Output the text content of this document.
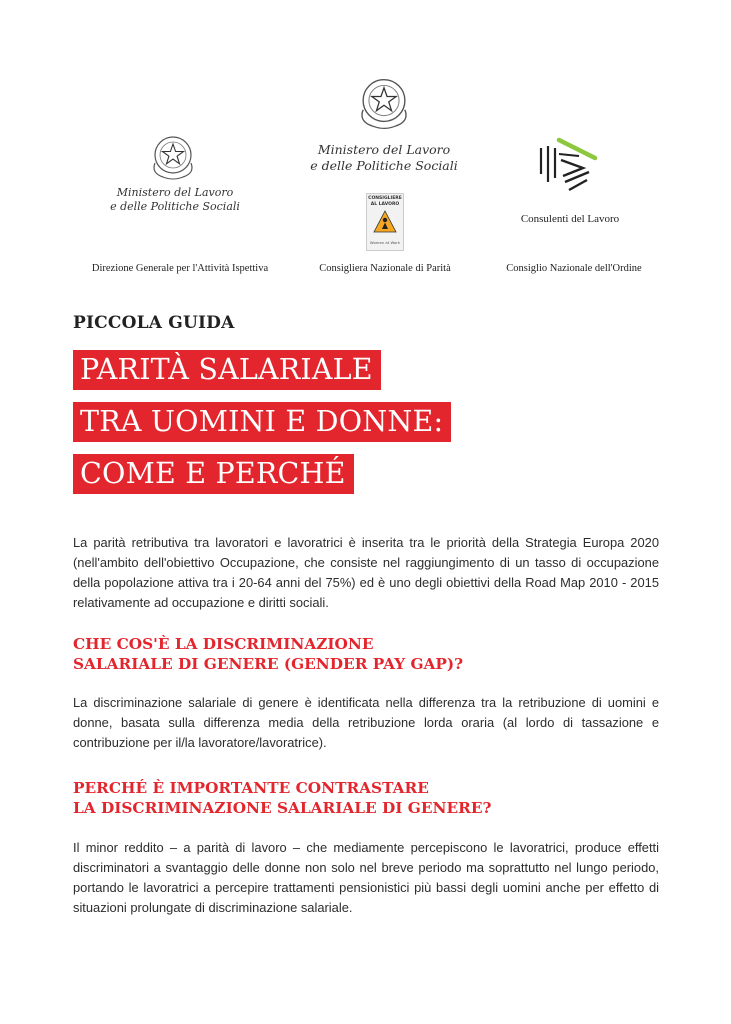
Ministero del Lavoro
e delle Politiche Sociali
Direzione Generale per l'Attività Ispettiva
Ministero del Lavoro
e delle Politiche Sociali
CONSIGLIERE
AL LAVORO
Women at Work
Consigliera Nazionale di Parità
Consulenti del Lavoro
Consiglio Nazionale dell'Ordine
PICCOLA GUIDA
PARITÀ SALARIALE
TRA UOMINI E DONNE:
COME E PERCHÉ
La parità retributiva tra lavoratori e lavoratrici è inserita tra le priorità della Strategia Europa 2020 (nell'ambito dell'obiettivo Occupazione, che consiste nel raggiungimento di un tasso di occupazione della popolazione attiva tra i 20-64 anni del 75%) ed è uno degli obiettivi della Road Map 2010 - 2015 relativamente ad occupazione e diritti sociali.
CHE COS'È LA DISCRIMINAZIONE
SALARIALE DI GENERE (GENDER PAY GAP)?
La discriminazione salariale di genere è identificata nella differenza tra la retribuzione di uomini e donne, basata sulla differenza media della retribuzione lorda oraria (al lordo di tassazione e contribuzione per il/la lavoratore/lavoratrice).
PERCHÉ È IMPORTANTE CONTRASTARE
LA DISCRIMINAZIONE SALARIALE DI GENERE?
Il minor reddito – a parità di lavoro – che mediamente percepiscono le lavoratrici, produce effetti discriminatori a svantaggio delle donne non solo nel breve periodo ma soprattutto nel lungo periodo, portando le lavoratrici a percepire trattamenti pensionistici più bassi degli uomini anche per effetto di situazioni prolungate di discriminazione salariale.
